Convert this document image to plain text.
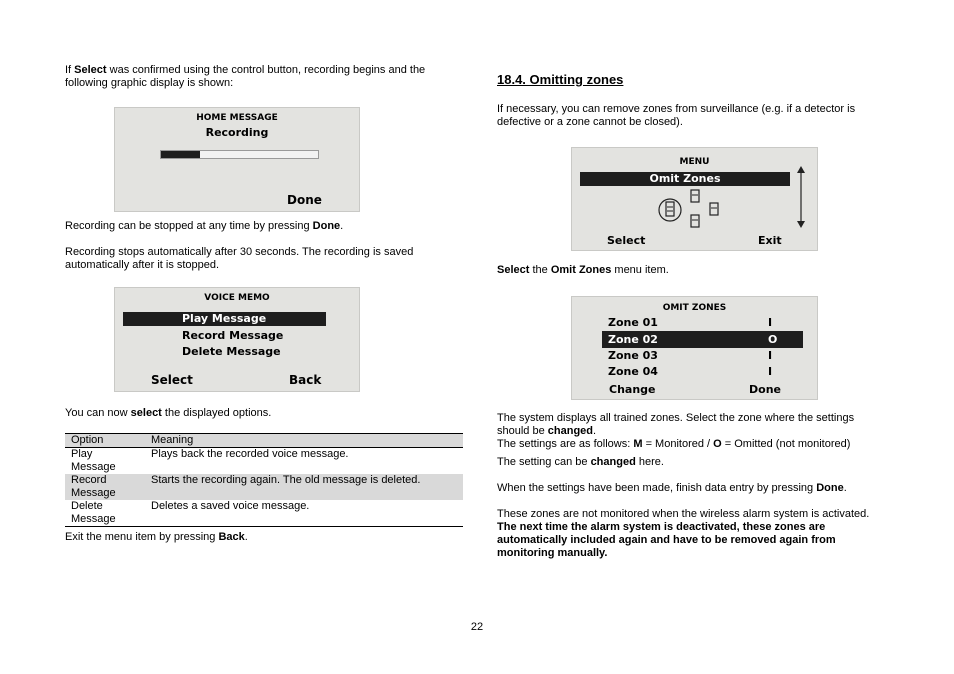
If Select was confirmed using the control button, recording begins and the following graphic display is shown:
HOME MESSAGE
Recording
Done
Recording can be stopped at any time by pressing Done.
Recording stops automatically after 30 seconds. The recording is saved automatically after it is stopped.
VOICE MEMO
Play Message
Record Message
Delete Message
Select	Back
You can now select the displayed options.
Option	Meaning
Play Message	Plays back the recorded voice message.
Record Message	Starts the recording again. The old message is deleted.
Delete Message	Deletes a saved voice message.
Exit the menu item by pressing Back.
18.4. Omitting zones
If necessary, you can remove zones from surveillance (e.g. if a detector is defective or a zone cannot be closed).
MENU
Omit Zones
Select	Exit
Select the Omit Zones menu item.
OMIT ZONES
Zone 01	I
Zone 02	O
Zone 03	I
Zone 04	I
Change	Done
The system displays all trained zones. Select the zone where the settings should be changed.
The settings are as follows: M = Monitored / O = Omitted (not monitored)
The setting can be changed here.
When the settings have been made, finish data entry by pressing Done.
These zones are not monitored when the wireless alarm system is activated.
The next time the alarm system is deactivated, these zones are automatically included again and have to be removed again from monitoring manually.
22
